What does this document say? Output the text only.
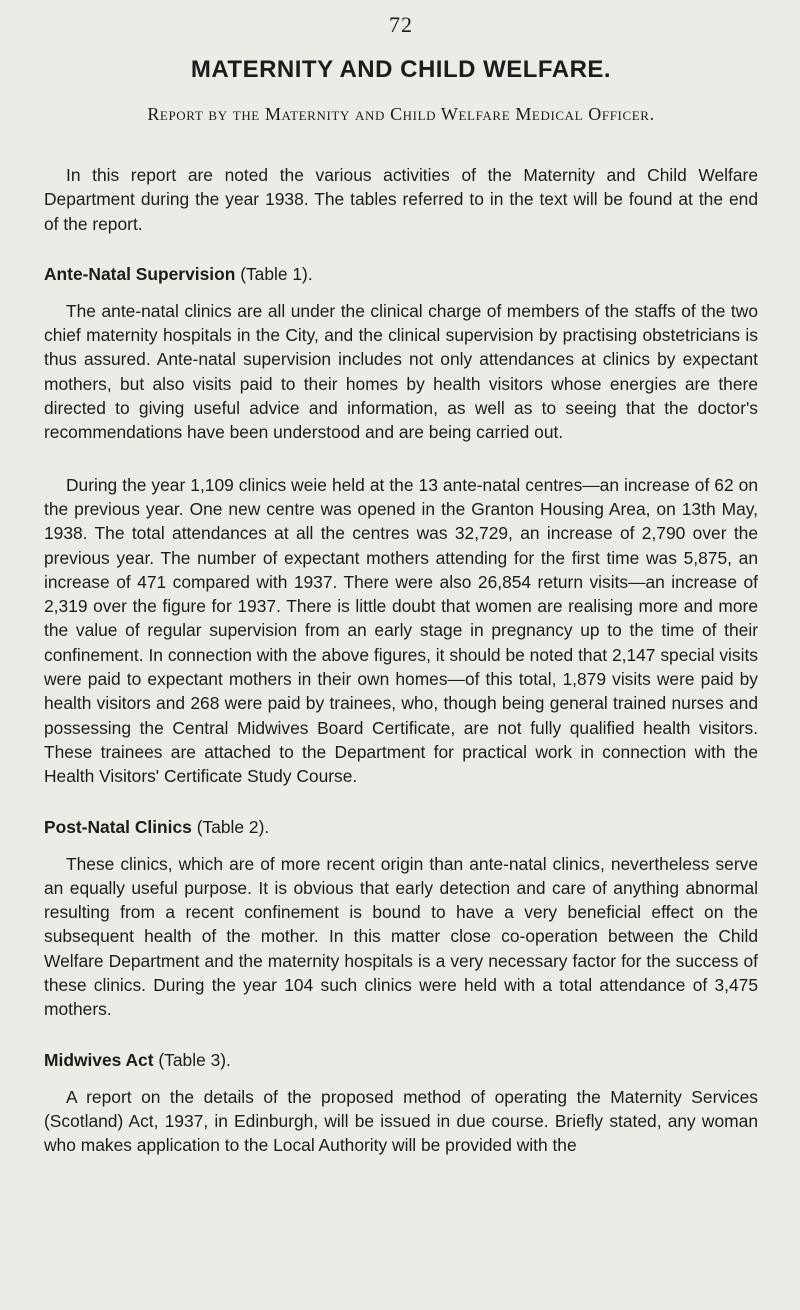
72
MATERNITY AND CHILD WELFARE.
Report by the Maternity and Child Welfare Medical Officer.

In this report are noted the various activities of the Maternity and Child Welfare Department during the year 1938. The tables referred to in the text will be found at the end of the report.

Ante-Natal Supervision (Table 1).

The ante-natal clinics are all under the clinical charge of members of the staffs of the two chief maternity hospitals in the City, and the clinical supervision by practising obstetricians is thus assured. Ante-natal supervision includes not only attendances at clinics by expectant mothers, but also visits paid to their homes by health visitors whose energies are there directed to giving useful advice and information, as well as to seeing that the doctor's recommendations have been understood and are being carried out.

During the year 1,109 clinics weie held at the 13 ante-natal centres—an increase of 62 on the previous year. One new centre was opened in the Granton Housing Area, on 13th May, 1938. The total attendances at all the centres was 32,729, an increase of 2,790 over the previous year. The number of expectant mothers attending for the first time was 5,875, an increase of 471 compared with 1937. There were also 26,854 return visits—an increase of 2,319 over the figure for 1937. There is little doubt that women are realising more and more the value of regular supervision from an early stage in pregnancy up to the time of their confinement. In connection with the above figures, it should be noted that 2,147 special visits were paid to expectant mothers in their own homes—of this total, 1,879 visits were paid by health visitors and 268 were paid by trainees, who, though being general trained nurses and possessing the Central Midwives Board Certificate, are not fully qualified health visitors. These trainees are attached to the Department for practical work in connection with the Health Visitors' Certificate Study Course.

Post-Natal Clinics (Table 2).

These clinics, which are of more recent origin than ante-natal clinics, nevertheless serve an equally useful purpose. It is obvious that early detection and care of anything abnormal resulting from a recent confinement is bound to have a very beneficial effect on the subsequent health of the mother. In this matter close co-operation between the Child Welfare Department and the maternity hospitals is a very necessary factor for the success of these clinics. During the year 104 such clinics were held with a total attendance of 3,475 mothers.

Midwives Act (Table 3).

A report on the details of the proposed method of operating the Maternity Services (Scotland) Act, 1937, in Edinburgh, will be issued in due course. Briefly stated, any woman who makes application to the Local Authority will be provided with the
